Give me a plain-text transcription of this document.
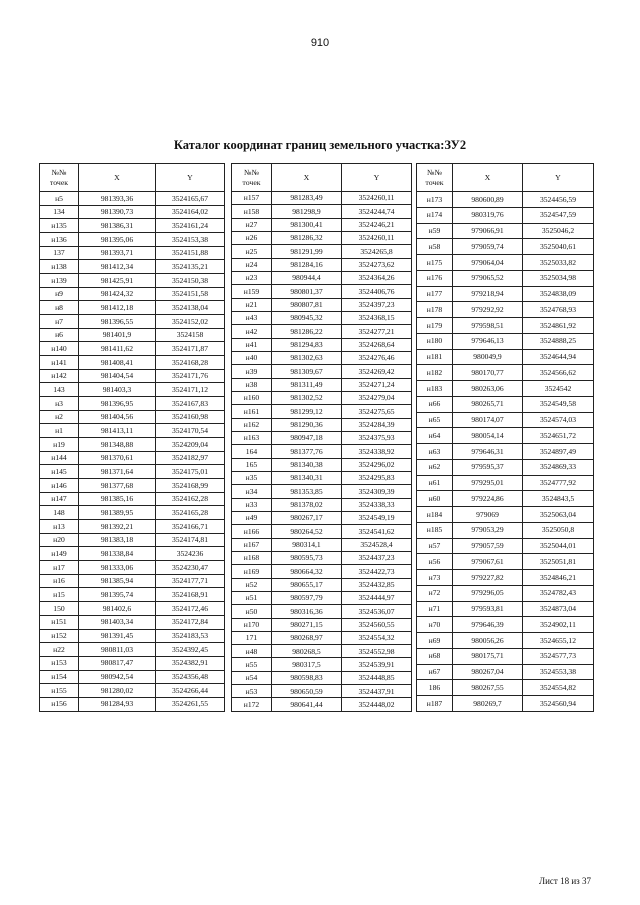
910
Каталог координат границ земельного участка:ЗУ2
№№
точек	X	Y
н5	981393,36	3524165,67
134	981390,73	3524164,02
н135	981386,31	3524161,24
н136	981395,06	3524153,38
137	981393,71	3524151,88
н138	981412,34	3524135,21
н139	981425,91	3524150,38
н9	981424,32	3524151,58
н8	981412,18	3524138,04
н7	981396,55	3524152,02
н6	981401,9	3524158
н140	981411,62	3524171,87
н141	981408,41	3524168,28
н142	981404,54	3524171,76
143	981403,3	3524171,12
н3	981396,95	3524167,83
н2	981404,56	3524160,98
н1	981413,11	3524170,54
н19	981348,88	3524209,04
н144	981370,61	3524182,97
н145	981371,64	3524175,01
н146	981377,68	3524168,99
н147	981385,16	3524162,28
148	981389,95	3524165,28
н13	981392,21	3524166,71
н20	981383,18	3524174,81
н149	981338,84	3524236
н17	981333,06	3524230,47
н16	981385,94	3524177,71
н15	981395,74	3524168,91
150	981402,6	3524172,46
н151	981403,34	3524172,84
н152	981391,45	3524183,53
н22	980811,03	3524392,45
н153	980817,47	3524382,91
н154	980942,54	3524356,48
н155	981280,02	3524266,44
н156	981284,93	3524261,55
№№
точек	X	Y
н157	981283,49	3524260,11
н158	981298,9	3524244,74
н27	981300,41	3524246,21
н26	981286,32	3524260,11
н25	981291,99	3524265,8
н24	981284,16	3524273,62
н23	980944,4	3524364,26
н159	980801,37	3524406,76
н21	980807,81	3524397,23
н43	980945,32	3524368,15
н42	981286,22	3524277,21
н41	981294,83	3524268,64
н40	981302,63	3524276,46
н39	981309,67	3524269,42
н38	981311,49	3524271,24
н160	981302,52	3524279,04
н161	981299,12	3524275,65
н162	981290,36	3524284,39
н163	980947,18	3524375,93
164	981377,76	3524338,92
165	981340,38	3524296,02
н35	981340,31	3524295,83
н34	981353,85	3524309,39
н33	981378,02	3524338,33
н49	980267,17	3524549,19
н166	980264,52	3524541,62
н167	980314,1	3524528,4
н168	980595,73	3524437,23
н169	980664,32	3524422,73
н52	980655,17	3524432,85
н51	980597,79	3524444,97
н50	980316,36	3524536,07
н170	980271,15	3524560,55
171	980268,97	3524554,32
н48	980268,5	3524552,98
н55	980317,5	3524539,91
н54	980598,83	3524448,85
н53	980650,59	3524437,91
н172	980641,44	3524448,02
№№
точек	X	Y
н173	980600,89	3524456,59
н174	980319,76	3524547,59
н59	979066,91	3525046,2
н58	979059,74	3525040,61
н175	979064,04	3525033,82
н176	979065,52	3525034,98
н177	979218,94	3524838,09
н178	979292,92	3524768,93
н179	979598,51	3524861,92
н180	979646,13	3524888,25
н181	980049,9	3524644,94
н182	980170,77	3524566,62
н183	980263,06	3524542
н66	980265,71	3524549,58
н65	980174,07	3524574,03
н64	980054,14	3524651,72
н63	979646,31	3524897,49
н62	979595,37	3524869,33
н61	979295,01	3524777,92
н60	979224,86	3524843,5
н184	979069	3525063,04
н185	979053,29	3525050,8
н57	979057,59	3525044,01
н56	979067,61	3525051,81
н73	979227,82	3524846,21
н72	979296,05	3524782,43
н71	979593,81	3524873,04
н70	979646,39	3524902,11
н69	980056,26	3524655,12
н68	980175,71	3524577,73
н67	980267,04	3524553,38
186	980267,55	3524554,82
н187	980269,7	3524560,94
Лист 18 из 37
